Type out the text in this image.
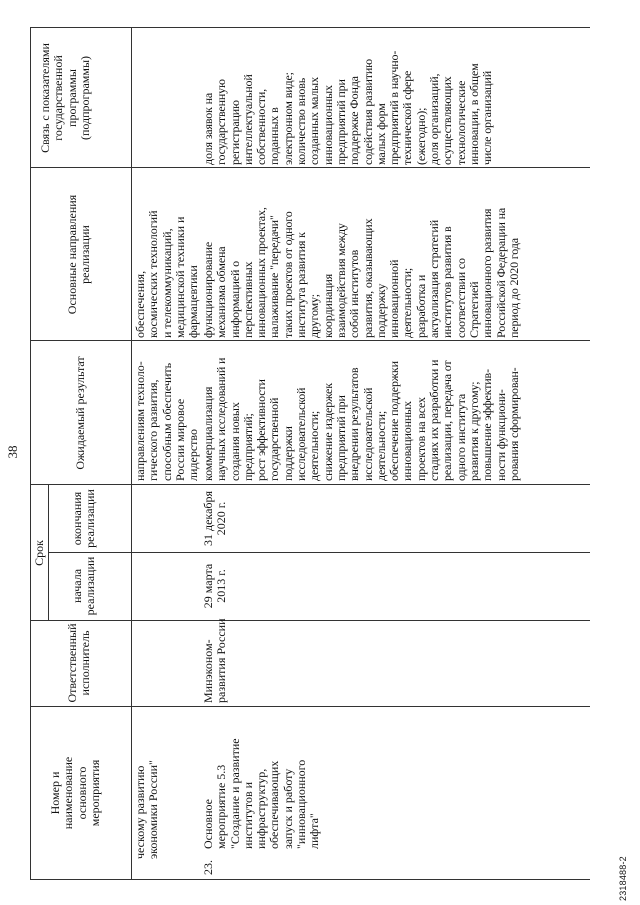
38
Номер и
наименование
основного
мероприятия
Ответственный
исполнитель
Срок
начала
реализации
окончания
реализации
Ожидаемый результат
Основные направления
реализации
Связь с показателями
государственной
программы
(подпрограммы)
ческому развитию
экономики России"
направлениям техноло-
гического развития,
способным обеспечить
России мировое
лидерство
обеспечения,
космических технологий
и телекоммуникаций,
медицинской техники и
фармацевтики
23.
Основное
мероприятие 5.3
"Создание и развитие
институтов и
инфраструктур,
обеспечивающих
запуск и работу
"инновационного
лифта"
Минэконом-
развития России
29 марта
2013 г.
31 декабря
2020 г.
коммерциализация
научных исследований и
создания новых
предприятий;
рост эффективности
государственной
поддержки
исследовательской
деятельности;
снижение издержек
предприятий при
внедрении результатов
исследовательской
деятельности;
обеспечение поддержки
инновационных
проектов на всех
стадиях их разработки и
реализации, передача от
одного института
развития к другому;
повышение эффектив-
ности функциони-
рования сформирован-
функционирование
механизма обмена
информацией о
перспективных
инновационных проектах,
налаживание "передачи"
таких проектов от одного
института развития к
другому;
координация
взаимодействия между
собой институтов
развития, оказывающих
поддержку
инновационной
деятельности;
разработка и
актуализация стратегий
институтов развития в
соответствии со
Стратегией
инновационного развития
Российской Федерации на
период до 2020 года
доля заявок на
государственную
регистрацию
интеллектуальной
собственности,
поданных в
электронном виде;
количество вновь
созданных малых
инновационных
предприятий при
поддержке Фонда
содействия развитию
малых форм
предприятий в научно-
технической сфере
(ежегодно);
доля организаций,
осуществляющих
технологические
инновации, в общем
числе организаций
2318488-2
